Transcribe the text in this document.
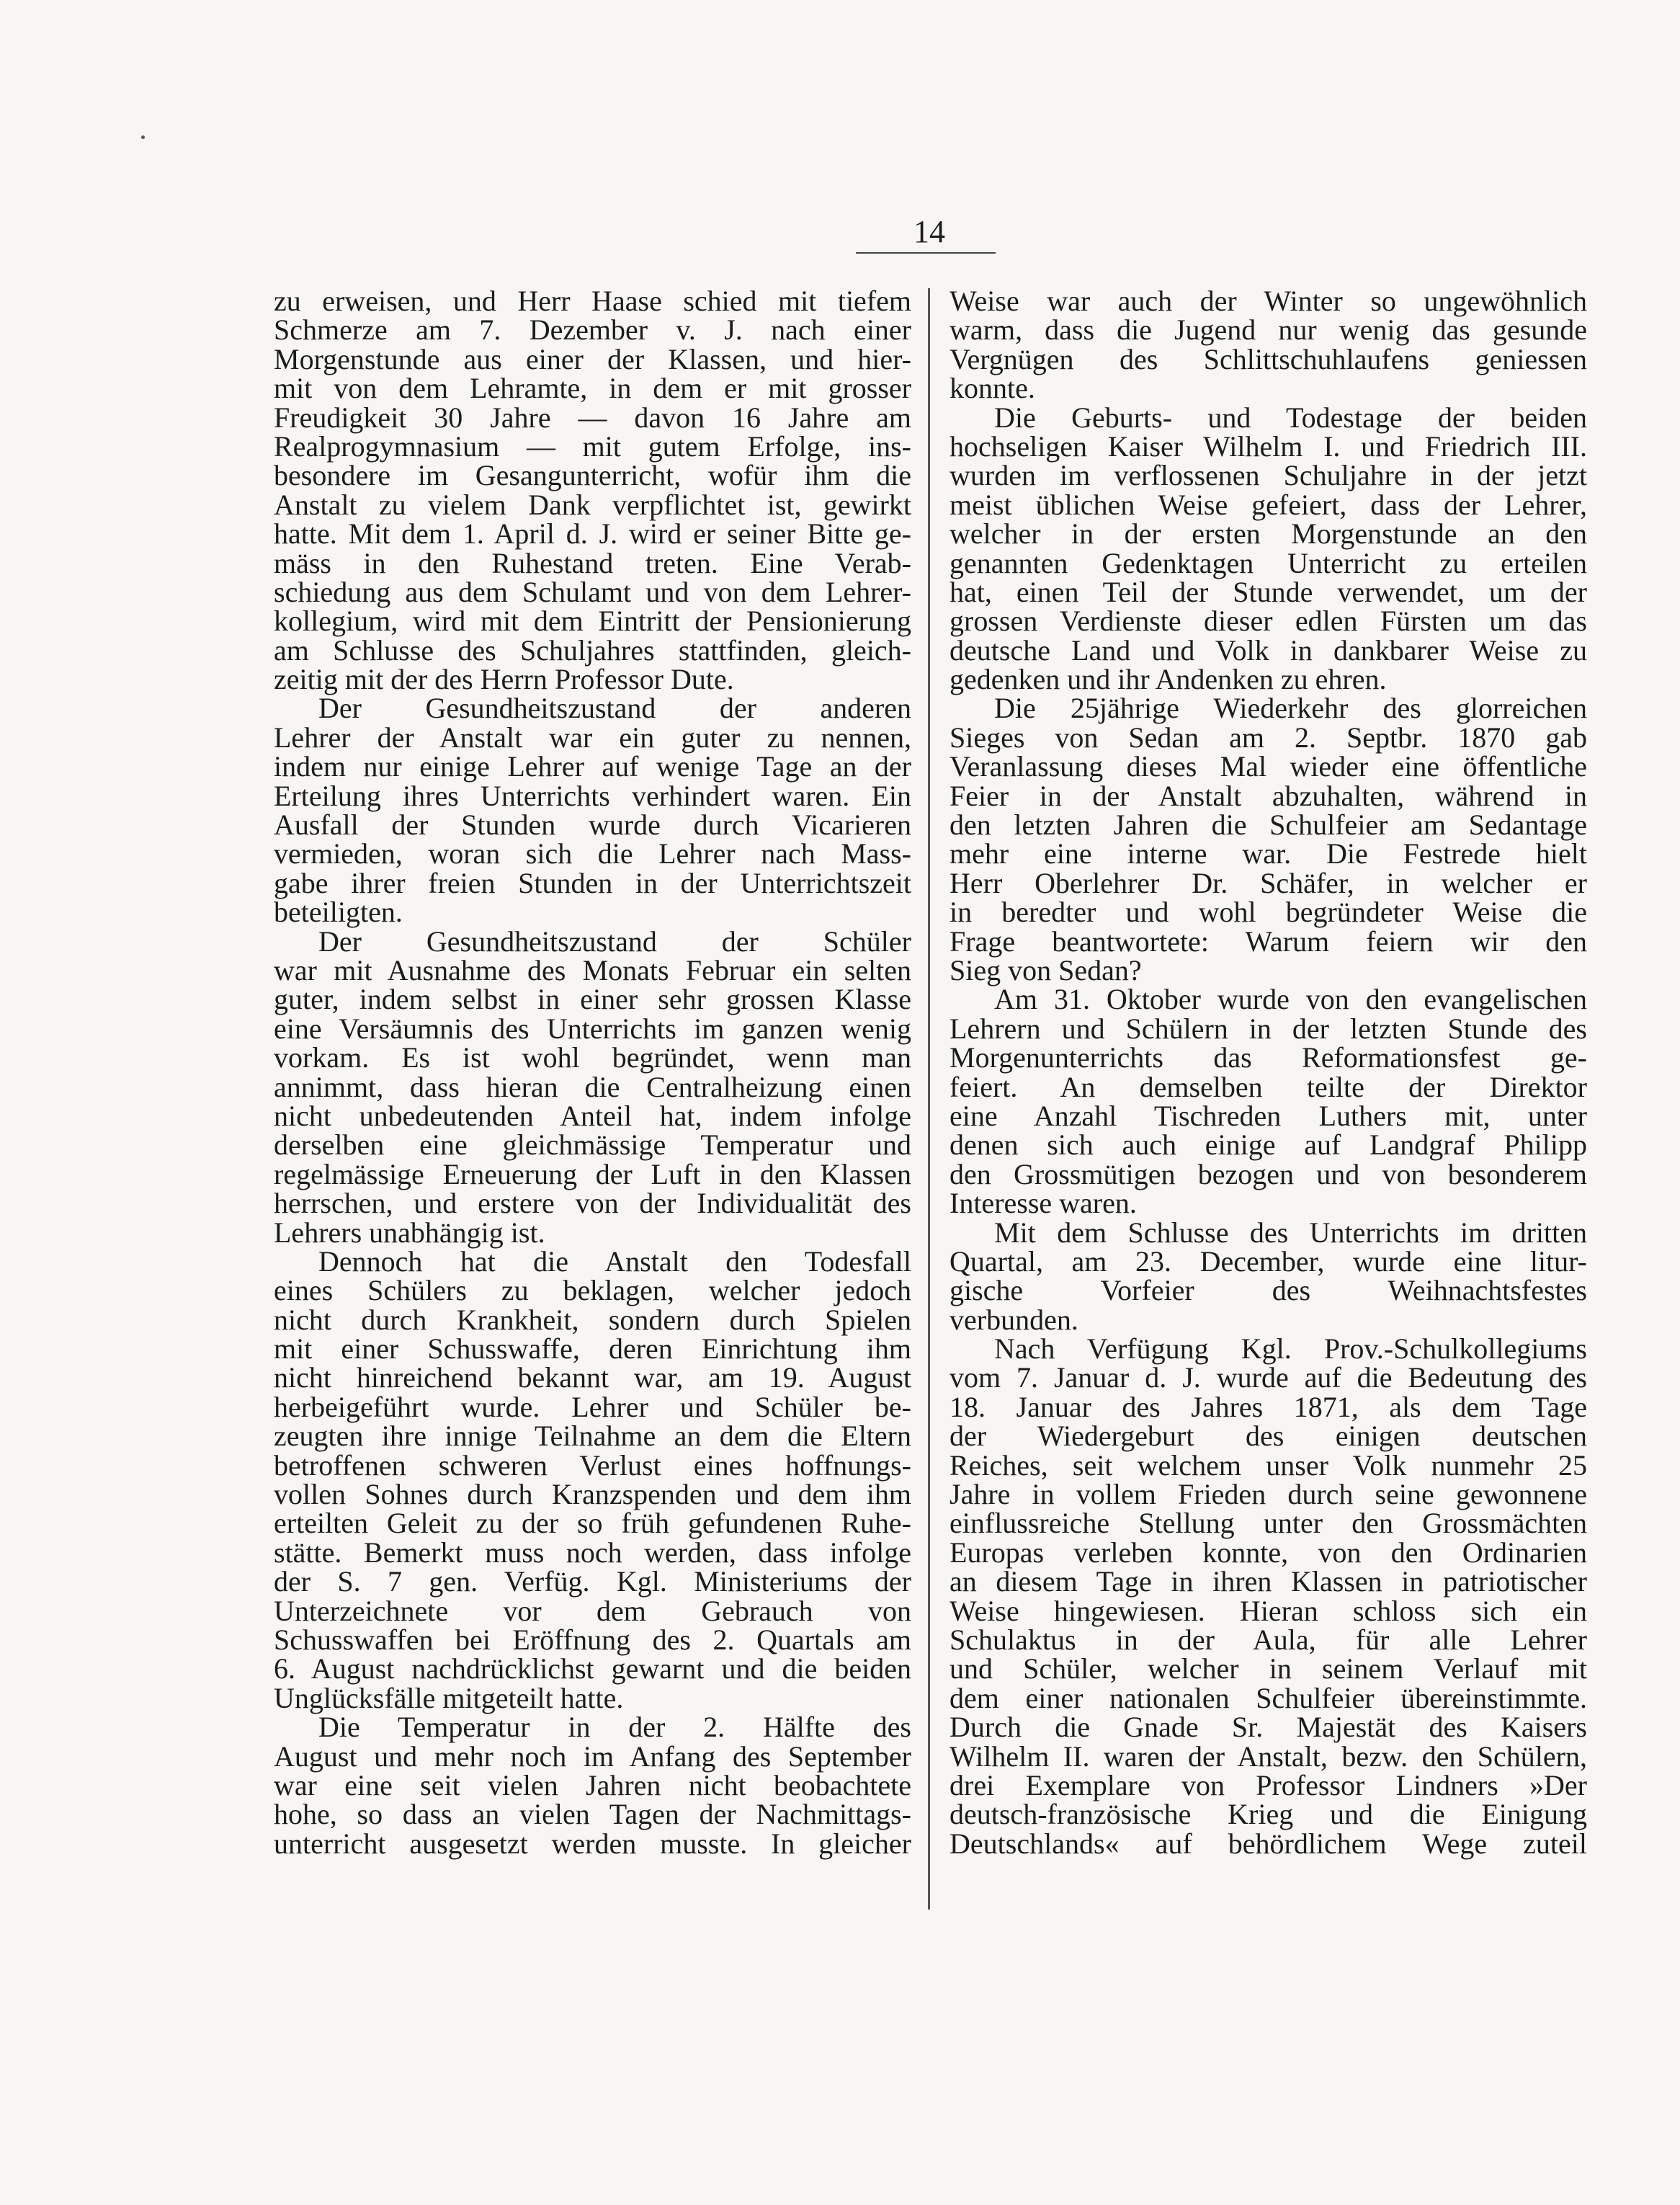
14
zu erweisen, und Herr Haase schied mit tiefem
Schmerze am 7. Dezember v. J. nach einer
Morgenstunde aus einer der Klassen, und hier-
mit von dem Lehramte, in dem er mit grosser
Freudigkeit 30 Jahre — davon 16 Jahre am
Realprogymnasium — mit gutem Erfolge, ins-
besondere im Gesangunterricht, wofür ihm die
Anstalt zu vielem Dank verpflichtet ist, gewirkt
hatte. Mit dem 1. April d. J. wird er seiner Bitte ge-
mäss in den Ruhestand treten. Eine Verab-
schiedung aus dem Schulamt und von dem Lehrer-
kollegium, wird mit dem Eintritt der Pensionierung
am Schlusse des Schuljahres stattfinden, gleich-
zeitig mit der des Herrn Professor Dute.
Der Gesundheitszustand der anderen
Lehrer der Anstalt war ein guter zu nennen,
indem nur einige Lehrer auf wenige Tage an der
Erteilung ihres Unterrichts verhindert waren. Ein
Ausfall der Stunden wurde durch Vicarieren
vermieden, woran sich die Lehrer nach Mass-
gabe ihrer freien Stunden in der Unterrichtszeit
beteiligten.
Der Gesundheitszustand der Schüler
war mit Ausnahme des Monats Februar ein selten
guter, indem selbst in einer sehr grossen Klasse
eine Versäumnis des Unterrichts im ganzen wenig
vorkam. Es ist wohl begründet, wenn man
annimmt, dass hieran die Centralheizung einen
nicht unbedeutenden Anteil hat, indem infolge
derselben eine gleichmässige Temperatur und
regelmässige Erneuerung der Luft in den Klassen
herrschen, und erstere von der Individualität des
Lehrers unabhängig ist.
Dennoch hat die Anstalt den Todesfall
eines Schülers zu beklagen, welcher jedoch
nicht durch Krankheit, sondern durch Spielen
mit einer Schusswaffe, deren Einrichtung ihm
nicht hinreichend bekannt war, am 19. August
herbeigeführt wurde. Lehrer und Schüler be-
zeugten ihre innige Teilnahme an dem die Eltern
betroffenen schweren Verlust eines hoffnungs-
vollen Sohnes durch Kranzspenden und dem ihm
erteilten Geleit zu der so früh gefundenen Ruhe-
stätte. Bemerkt muss noch werden, dass infolge
der S. 7 gen. Verfüg. Kgl. Ministeriums der
Unterzeichnete vor dem Gebrauch von
Schusswaffen bei Eröffnung des 2. Quartals am
6. August nachdrücklichst gewarnt und die beiden
Unglücksfälle mitgeteilt hatte.
Die Temperatur in der 2. Hälfte des
August und mehr noch im Anfang des September
war eine seit vielen Jahren nicht beobachtete
hohe, so dass an vielen Tagen der Nachmittags-
unterricht ausgesetzt werden musste. In gleicher
Weise war auch der Winter so ungewöhnlich
warm, dass die Jugend nur wenig das gesunde
Vergnügen des Schlittschuhlaufens geniessen
konnte.
Die Geburts- und Todestage der beiden
hochseligen Kaiser Wilhelm I. und Friedrich III.
wurden im verflossenen Schuljahre in der jetzt
meist üblichen Weise gefeiert, dass der Lehrer,
welcher in der ersten Morgenstunde an den
genannten Gedenktagen Unterricht zu erteilen
hat, einen Teil der Stunde verwendet, um der
grossen Verdienste dieser edlen Fürsten um das
deutsche Land und Volk in dankbarer Weise zu
gedenken und ihr Andenken zu ehren.
Die 25jährige Wiederkehr des glorreichen
Sieges von Sedan am 2. Septbr. 1870 gab
Veranlassung dieses Mal wieder eine öffentliche
Feier in der Anstalt abzuhalten, während in
den letzten Jahren die Schulfeier am Sedantage
mehr eine interne war. Die Festrede hielt
Herr Oberlehrer Dr. Schäfer, in welcher er
in beredter und wohl begründeter Weise die
Frage beantwortete: Warum feiern wir den
Sieg von Sedan?
Am 31. Oktober wurde von den evangelischen
Lehrern und Schülern in der letzten Stunde des
Morgenunterrichts das Reformationsfest ge-
feiert. An demselben teilte der Direktor
eine Anzahl Tischreden Luthers mit, unter
denen sich auch einige auf Landgraf Philipp
den Grossmütigen bezogen und von besonderem
Interesse waren.
Mit dem Schlusse des Unterrichts im dritten
Quartal, am 23. December, wurde eine litur-
gische Vorfeier des Weihnachtsfestes
verbunden.
Nach Verfügung Kgl. Prov.-Schulkollegiums
vom 7. Januar d. J. wurde auf die Bedeutung des
18. Januar des Jahres 1871, als dem Tage
der Wiedergeburt des einigen deutschen
Reiches, seit welchem unser Volk nunmehr 25
Jahre in vollem Frieden durch seine gewonnene
einflussreiche Stellung unter den Grossmächten
Europas verleben konnte, von den Ordinarien
an diesem Tage in ihren Klassen in patriotischer
Weise hingewiesen. Hieran schloss sich ein
Schulaktus in der Aula, für alle Lehrer
und Schüler, welcher in seinem Verlauf mit
dem einer nationalen Schulfeier übereinstimmte.
Durch die Gnade Sr. Majestät des Kaisers
Wilhelm II. waren der Anstalt, bezw. den Schülern,
drei Exemplare von Professor Lindners »Der
deutsch-französische Krieg und die Einigung
Deutschlands« auf behördlichem Wege zuteil
